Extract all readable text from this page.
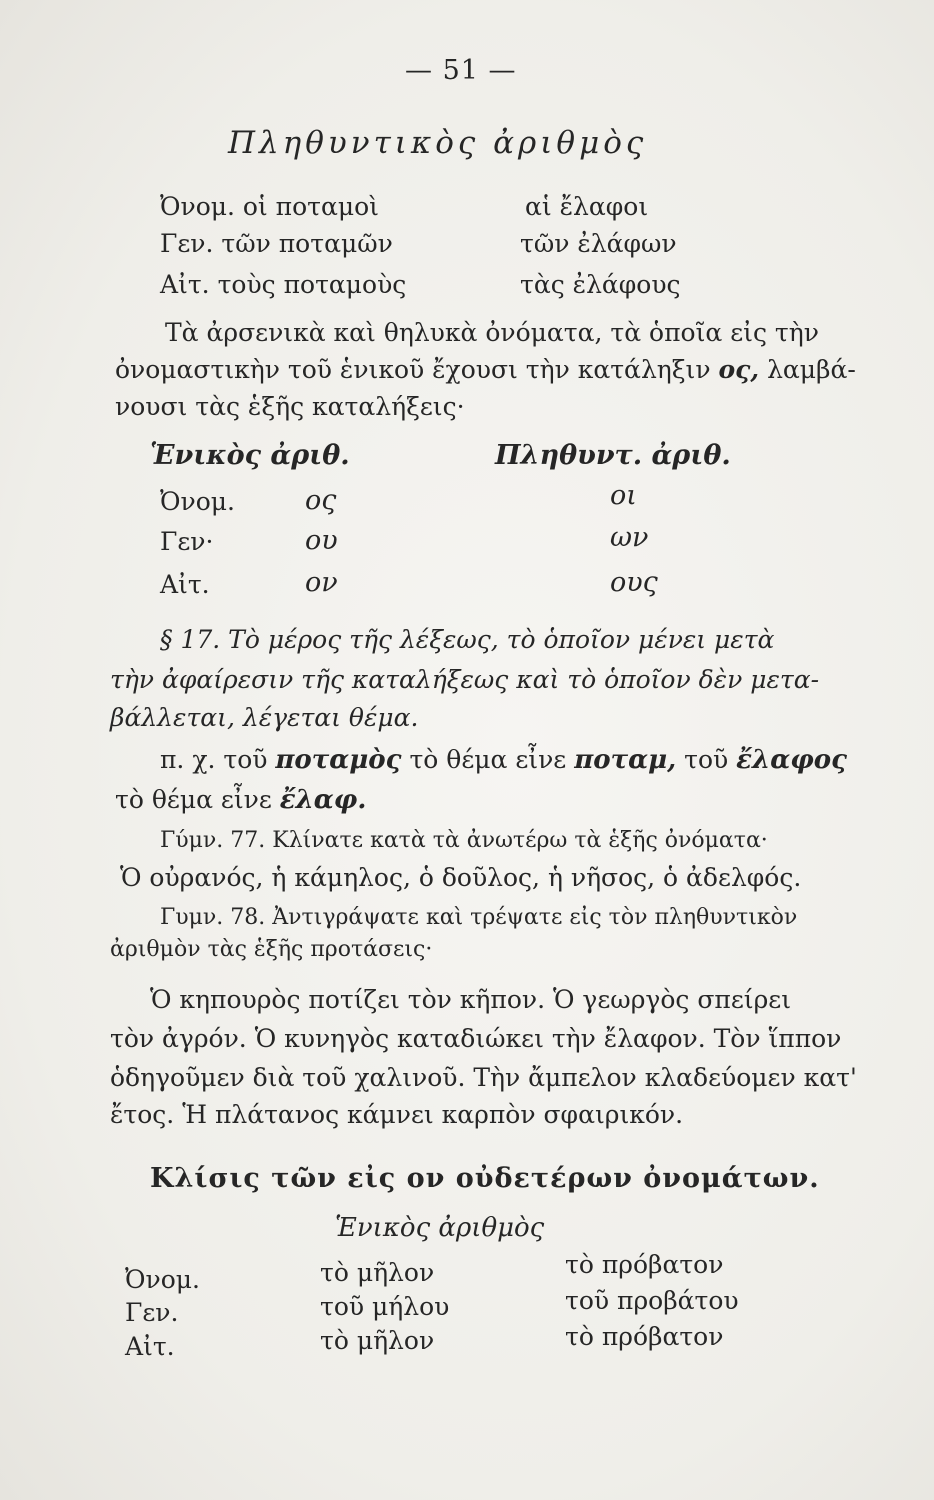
— 51 —
Πληθυντικὸς ἀριθμὸς
Ὀνομ. οἱ ποταμοὶ	αἱ ἔλαφοι
Γεν. τῶν ποταμῶν	τῶν ἐλάφων
Αἰτ. τοὺς ποταμοὺς	τὰς ἐλάφους
Τὰ ἀρσενικὰ καὶ θηλυκὰ ὀνόματα, τὰ ὁποῖα εἰς τὴν
ὀνομαστικὴν τοῦ ἑνικοῦ ἔχουσι τὴν κατάληξιν ος, λαμβά-
νουσι τὰς ἑξῆς καταλήξεις·
Ἑνικὸς ἀριθ.	Πληθυντ. ἀριθ.
Ὀνομ.	ος	οι
Γεν·	ου	ων
Αἰτ.	ον	ους
§ 17. Τὸ μέρος τῆς λέξεως, τὸ ὁποῖον μένει μετὰ
τὴν ἀφαίρεσιν τῆς καταλήξεως καὶ τὸ ὁποῖον δὲν μετα-
βάλλεται, λέγεται θέμα.
π. χ. τοῦ ποταμὸς τὸ θέμα εἶνε ποταμ, τοῦ ἔλαφος
τὸ θέμα εἶνε ἔλαφ.
Γύμν. 77. Κλίνατε κατὰ τὰ ἀνωτέρω τὰ ἑξῆς ὀνόματα·
Ὁ οὐρανός, ἡ κάμηλος, ὁ δοῦλος, ἡ νῆσος, ὁ ἀδελφός.
Γυμν. 78. Ἀντιγράψατε καὶ τρέψατε εἰς τὸν πληθυντικὸν
ἀριθμὸν τὰς ἑξῆς προτάσεις·
Ὁ κηπουρὸς ποτίζει τὸν κῆπον. Ὁ γεωργὸς σπείρει
τὸν ἀγρόν. Ὁ κυνηγὸς καταδιώκει τὴν ἔλαφον. Τὸν ἵππον
ὁδηγοῦμεν διὰ τοῦ χαλινοῦ. Τὴν ἄμπελον κλαδεύομεν κατ'
ἔτος. Ἡ πλάτανος κάμνει καρπὸν σφαιρικόν.
Κλίσις τῶν εἰς ον οὐδετέρων ὀνομάτων.
Ἑνικὸς ἀριθμὸς
Ὀνομ.	τὸ μῆλον	τὸ πρόβατον
Γεν.	τοῦ μήλου	τοῦ προβάτου
Αἰτ.	τὸ μῆλον	τὸ πρόβατον
